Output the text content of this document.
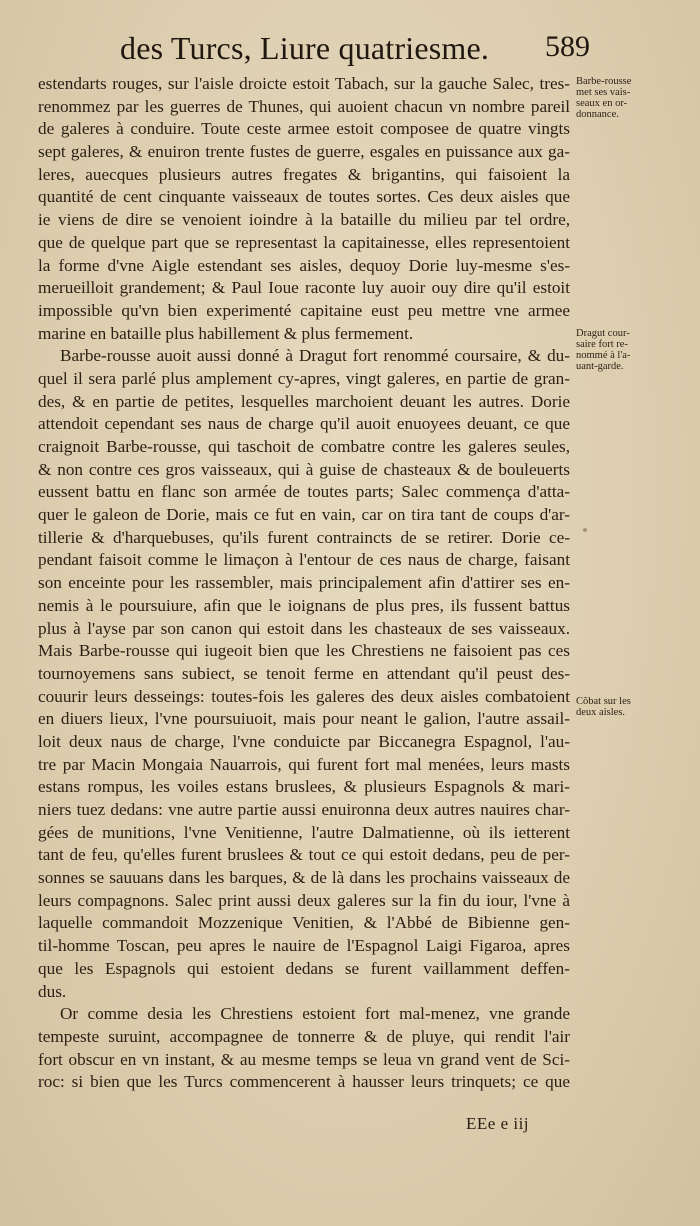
des Turcs, Liure quatriesme. 589
estendarts rouges, sur l'aisle droicte estoit Tabach, sur la gauche Salec, tres-
renommez par les guerres de Thunes, qui auoient chacun vn nombre pareil
de galeres à conduire. Toute ceste armee estoit composee de quatre vingts
sept galeres, & enuiron trente fustes de guerre, esgales en puissance aux ga-
leres, auecques plusieurs autres fregates & brigantins, qui faisoient la
quantité de cent cinquante vaisseaux de toutes sortes. Ces deux aisles que
ie viens de dire se venoient ioindre à la bataille du milieu par tel ordre,
que de quelque part que se representast la capitainesse, elles representoient
la forme d'vne Aigle estendant ses aisles, dequoy Dorie luy-mesme s'es-
merueilloit grandement; & Paul Ioue raconte luy auoir ouy dire qu'il estoit
impossible qu'vn bien experimenté capitaine eust peu mettre vne armee
marine en bataille plus habillement & plus fermement.
Barbe-rousse auoit aussi donné à Dragut fort renommé coursaire, & du-
quel il sera parlé plus amplement cy-apres, vingt galeres, en partie de gran-
des, & en partie de petites, lesquelles marchoient deuant les autres. Dorie
attendoit cependant ses naus de charge qu'il auoit enuoyees deuant, ce que
craignoit Barbe-rousse, qui taschoit de combatre contre les galeres seules,
& non contre ces gros vaisseaux, qui à guise de chasteaux & de bouleuerts
eussent battu en flanc son armée de toutes parts; Salec commença d'atta-
quer le galeon de Dorie, mais ce fut en vain, car on tira tant de coups d'ar-
tillerie & d'harquebuses, qu'ils furent contraincts de se retirer. Dorie ce-
pendant faisoit comme le limaçon à l'entour de ces naus de charge, faisant
son enceinte pour les rassembler, mais principalement afin d'attirer ses en-
nemis à le poursuiure, afin que le ioignans de plus pres, ils fussent battus
plus à l'ayse par son canon qui estoit dans les chasteaux de ses vaisseaux.
Mais Barbe-rousse qui iugeoit bien que les Chrestiens ne faisoient pas ces
tournoyemens sans subiect, se tenoit ferme en attendant qu'il peust des-
couurir leurs desseings: toutes-fois les galeres des deux aisles combatoient
en diuers lieux, l'vne poursuiuoit, mais pour neant le galion, l'autre assail-
loit deux naus de charge, l'vne conduicte par Biccanegra Espagnol, l'au-
tre par Macin Mongaia Nauarrois, qui furent fort mal menées, leurs masts
estans rompus, les voiles estans bruslees, & plusieurs Espagnols & mari-
niers tuez dedans: vne autre partie aussi enuironna deux autres nauires char-
gées de munitions, l'vne Venitienne, l'autre Dalmatienne, où ils ietterent
tant de feu, qu'elles furent bruslees & tout ce qui estoit dedans, peu de per-
sonnes se sauuans dans les barques, & de là dans les prochains vaisseaux de
leurs compagnons. Salec print aussi deux galeres sur la fin du iour, l'vne à
laquelle commandoit Mozzenique Venitien, & l'Abbé de Bibienne gen-
til-homme Toscan, peu apres le nauire de l'Espagnol Laigi Figaroa, apres
que les Espagnols qui estoient dedans se furent vaillamment deffen-
dus.
Or comme desia les Chrestiens estoient fort mal-menez, vne grande
tempeste suruint, accompagnee de tonnerre & de pluye, qui rendit l'air
fort obscur en vn instant, & au mesme temps se leua vn grand vent de Sci-
roc: si bien que les Turcs commencerent à hausser leurs trinquets; ce que
Barbe-rousse
met ses vais-
seaux en or-
donnance.
Dragut cour-
saire fort re-
nommé à l'a-
uant-garde.
Cõbat sur les
deux aisles.
EEe e iij
